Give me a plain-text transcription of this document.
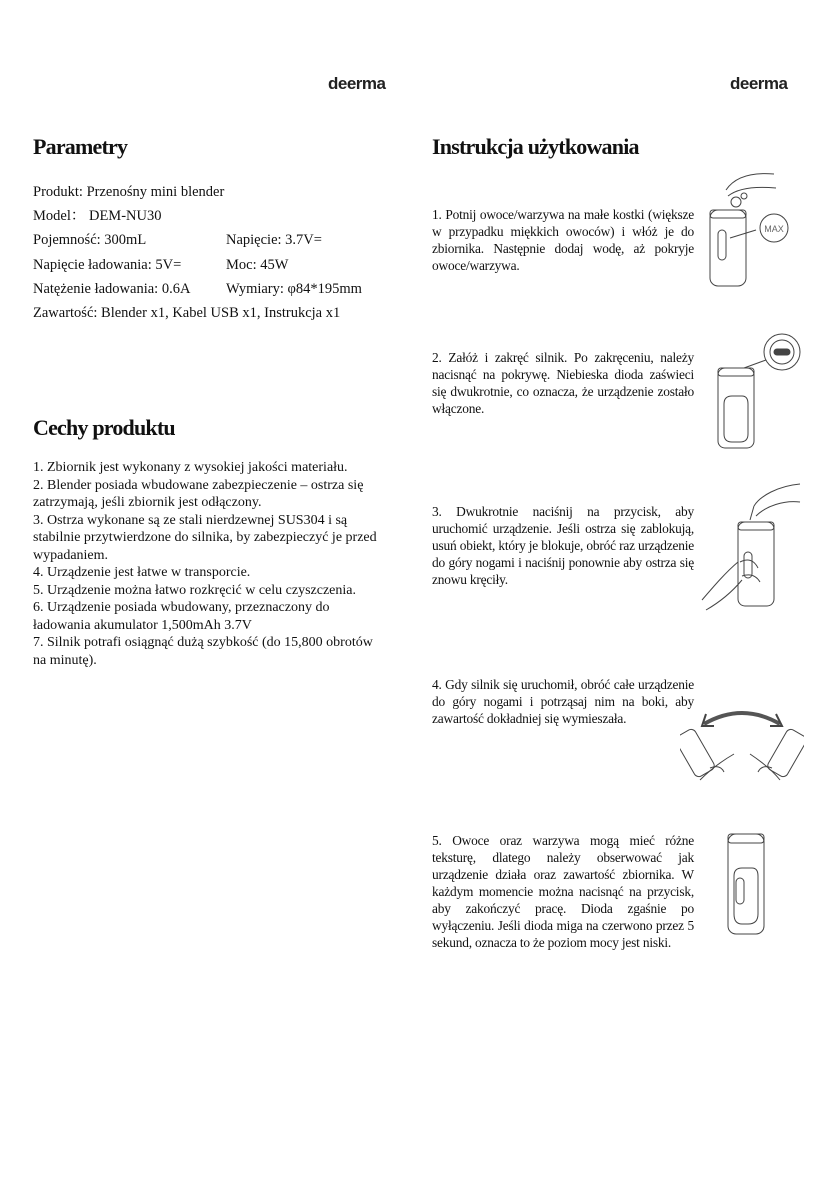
deerma	deerma
Parametry
Produkt: Przenośny mini blender
Model： DEM-NU30
Pojemność: 300mL	Napięcie: 3.7V=
Napięcie ładowania: 5V=	Moc: 45W
Natężenie ładowania: 0.6A Wymiary: φ84*195mm
Zawartość: Blender x1, Kabel USB x1, Instrukcja x1
Cechy produktu

1. Zbiornik jest wykonany z wysokiej jakości materiału.

2. Blender posiada wbudowane zabezpieczenie – ostrza się zatrzymają, jeśli zbiornik jest odłączony.

3. Ostrza wykonane są ze stali nierdzewnej SUS304 i są stabilnie przytwierdzone do silnika, by zabezpieczyć je przed wypadaniem.

4. Urządzenie jest łatwe w transporcie.

5. Urządzenie można łatwo rozkręcić w celu czyszczenia.

6. Urządzenie posiada wbudowany, przeznaczony do ładowania akumulator 1,500mAh 3.7V

7. Silnik potrafi osiągnąć dużą szybkość (do 15,800 obrotów na minutę).

Instrukcja użytkowania
1. Potnij owoce/warzywa na małe kostki (większe w przypadku miękkich owoców) i włóż je do zbiornika. Następnie dodaj wodę, aż pokryje owoce/warzywa.
2. Załóż i zakręć silnik. Po zakręceniu, należy nacisnąć na pokrywę. Niebieska dioda zaświeci się dwukrotnie, co oznacza, że urządzenie zostało włączone.
3. Dwukrotnie naciśnij na przycisk, aby uruchomić urządzenie. Jeśli ostrza się zablokują, usuń obiekt, który je blokuje, obróć raz urządzenie do góry nogami i naciśnij ponownie aby ostrza się znowu kręciły.
4. Gdy silnik się uruchomił, obróć całe urządzenie do góry nogami i potrząsaj nim na boki, aby zawartość dokładniej się wymieszała.
5. Owoce oraz warzywa mogą mieć różne teksturę, dlatego należy obserwować jak urządzenie działa oraz zawartość zbiornika. W każdym momencie można nacisnąć na przycisk, aby zakończyć pracę. Dioda zgaśnie po wyłączeniu. Jeśli dioda miga na czerwono przez 5 sekund, oznacza to że poziom mocy jest niski.
MAX
